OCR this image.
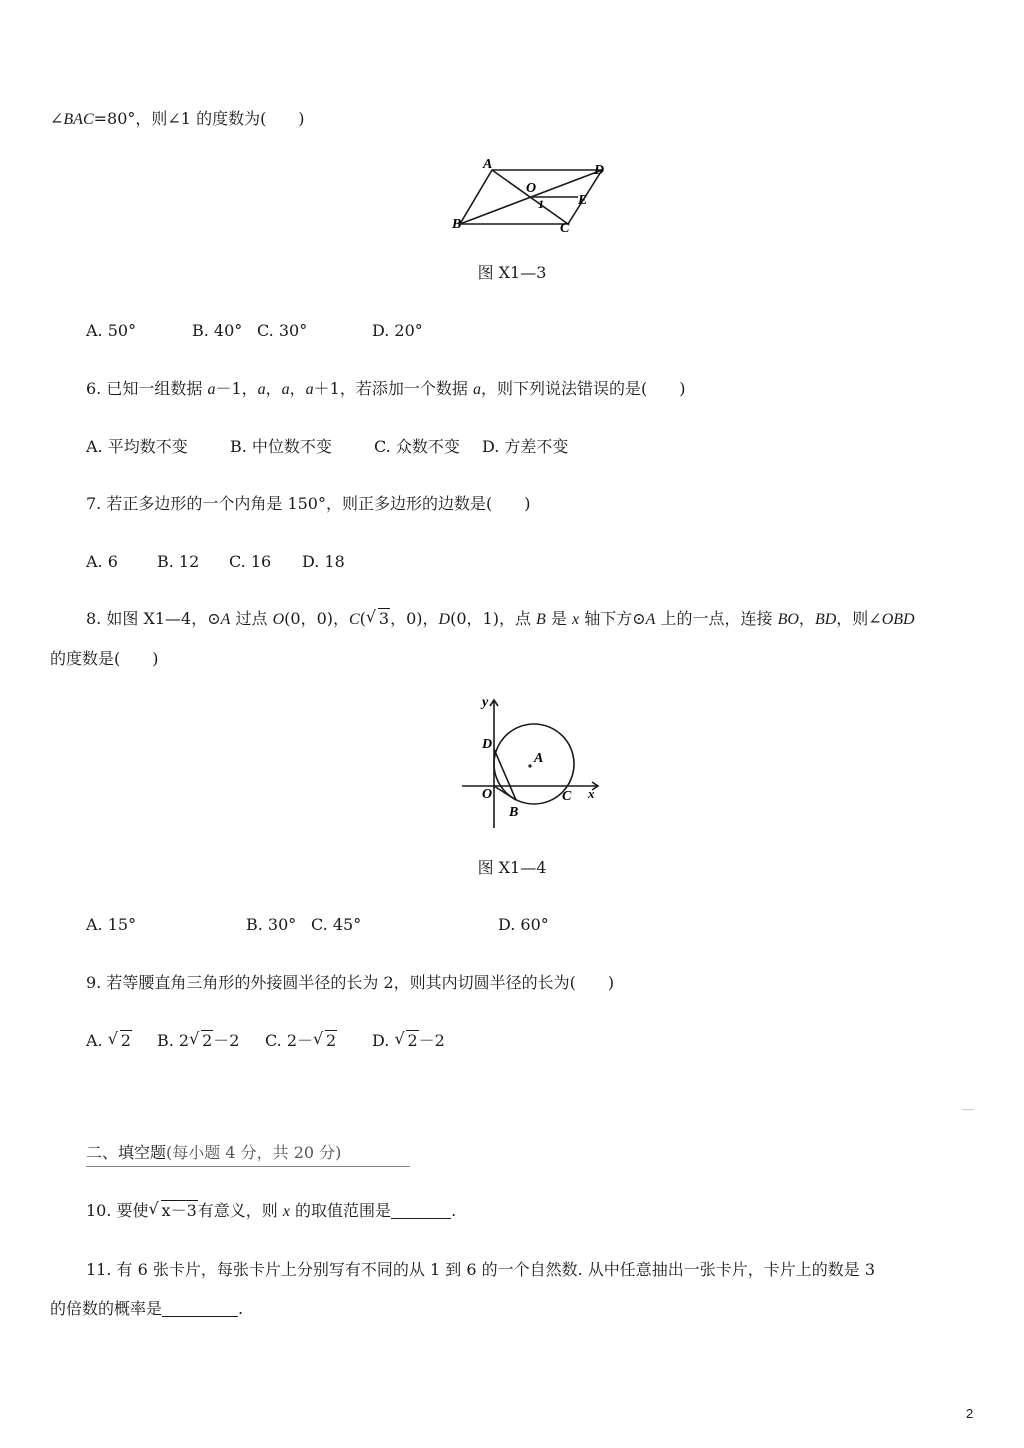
∠BAC=80°，则∠1 的度数为(　　)
A	D
O
E
B	C
1
图 X1—3
A. 50°	B. 40° C. 30°	D. 20°
6. 已知一组数据 a－1，a，a，a＋1，若添加一个数据 a，则下列说法错误的是(　　)
A. 平均数不变	B. 中位数不变	C. 众数不变 D. 方差不变
7. 若正多边形的一个内角是 150°，则正多边形的边数是(　　)
A. 6 B. 12 C. 16 D. 18
8. 如图 X1—4，⊙A 过点 O(0，0)，C( √ 3，0)，D(0，1)，点 B 是 x 轴下方⊙A 上的一点，连接 BO，BD，则∠OBD
的度数是(　　)
y
D
A
O	C x
B
图 X1—4
A. 15°	B. 30° C. 45°	D. 60°
9. 若等腰直角三角形的外接圆半径的长为 2，则其内切圆半径的长为(　　)
A. √ 2 B. 2 √ 2－2 C. 2－ √ 2 D. √ 2－2
—
二、填空题(每小题 4 分，共 20 分)
10. 要使 √ x－3有意义，则 x 的取值范围是	.
11. 有 6 张卡片，每张卡片上分别写有不同的从 1 到 6 的一个自然数. 从中任意抽出一张卡片，卡片上的数是 3
的倍数的概率是	.
2
